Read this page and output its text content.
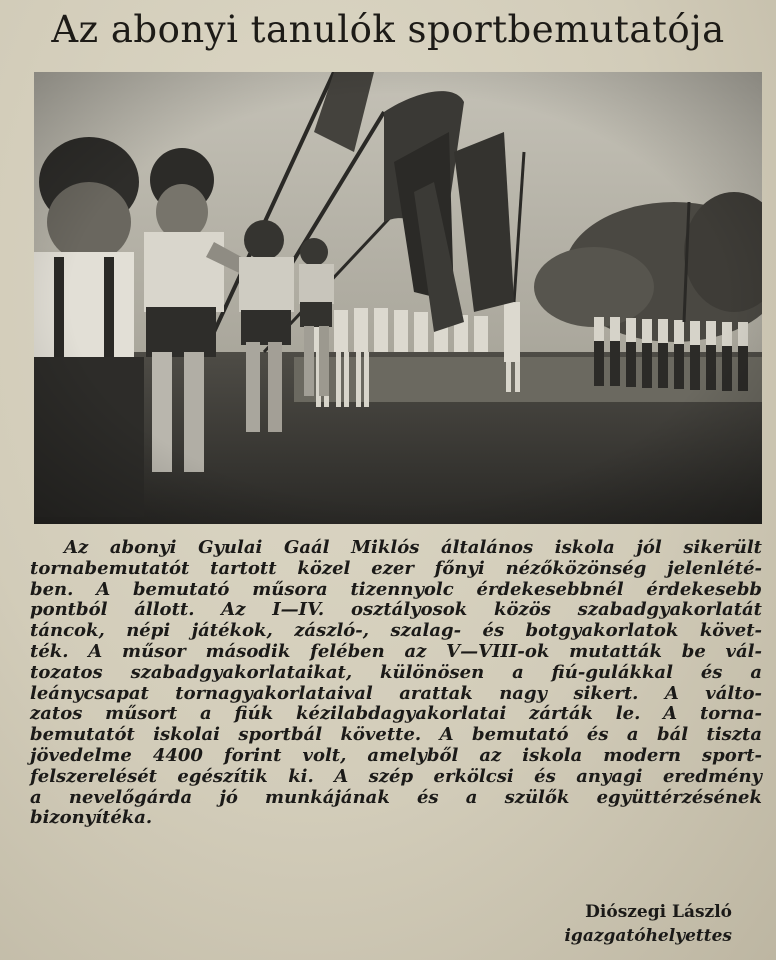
Az abonyi tanulók sportbemutatója
Az abonyi Gyulai Gaál Miklós általános iskola jól sikerült
tornabemutatót tartott közel ezer főnyi nézőközönség jelenlété-
ben. A bemutató műsora tizennyolc érdekesebbnél érdekesebb
pontból állott. Az I—IV. osztályosok közös szabadgyakorlatát
táncok, népi játékok, zászló-, szalag- és botgyakorlatok követ-
ték. A műsor második felében az V—VIII-ok mutatták be vál-
tozatos szabadgyakorlataikat, különösen a fiú-gulákkal és a
leánycsapat tornagyakorlataival arattak nagy sikert. A válto-
zatos műsort a fiúk kézilabdagyakorlatai zárták le. A torna-
bemutatót iskolai sportbál követte. A bemutató és a bál tiszta
jövedelme 4400 forint volt, amelyből az iskola modern sport-
felszerelését egészítik ki. A szép erkölcsi és anyagi eredmény
a nevelőgárda jó munkájának és a szülők együttérzésének
bizonyítéka.
Diószegi László
igazgatóhelyettes
